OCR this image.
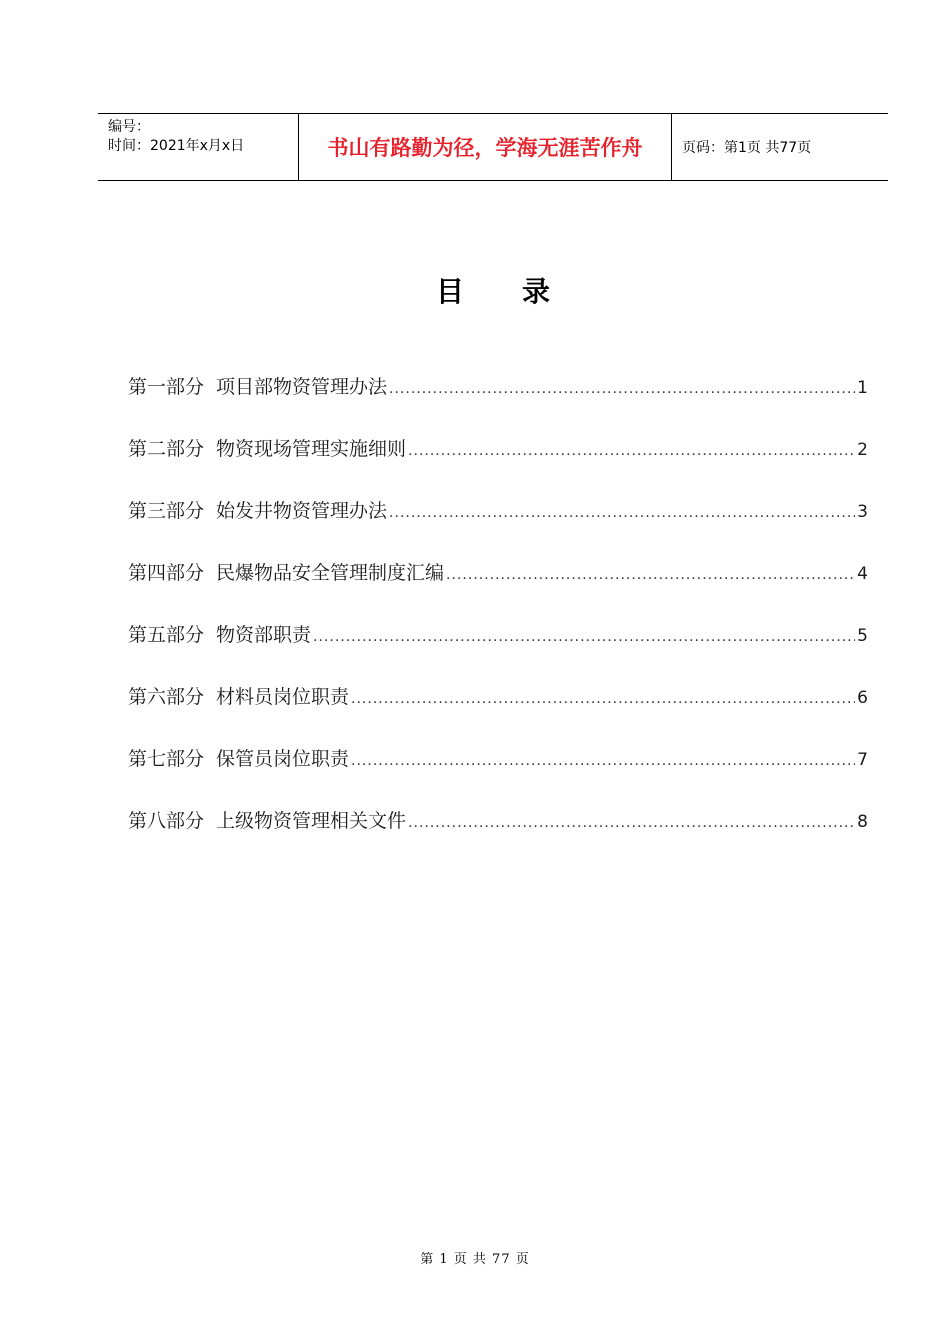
编号：
时间：2021年x月x日	书山有路勤为径，学海无涯苦作舟	页码：第1页 共77页
目 录
第一部分 项目部物资管理办法 .....	1
第二部分 物资现场管理实施细则 .....	2
第三部分 始发井物资管理办法 .....	3
第四部分 民爆物品安全管理制度汇编 .....	4
第五部分 物资部职责 .....	5
第六部分 材料员岗位职责 .....	6
第七部分 保管员岗位职责 .....	7
第八部分 上级物资管理相关文件 .....	8
第 1 页 共 77 页
